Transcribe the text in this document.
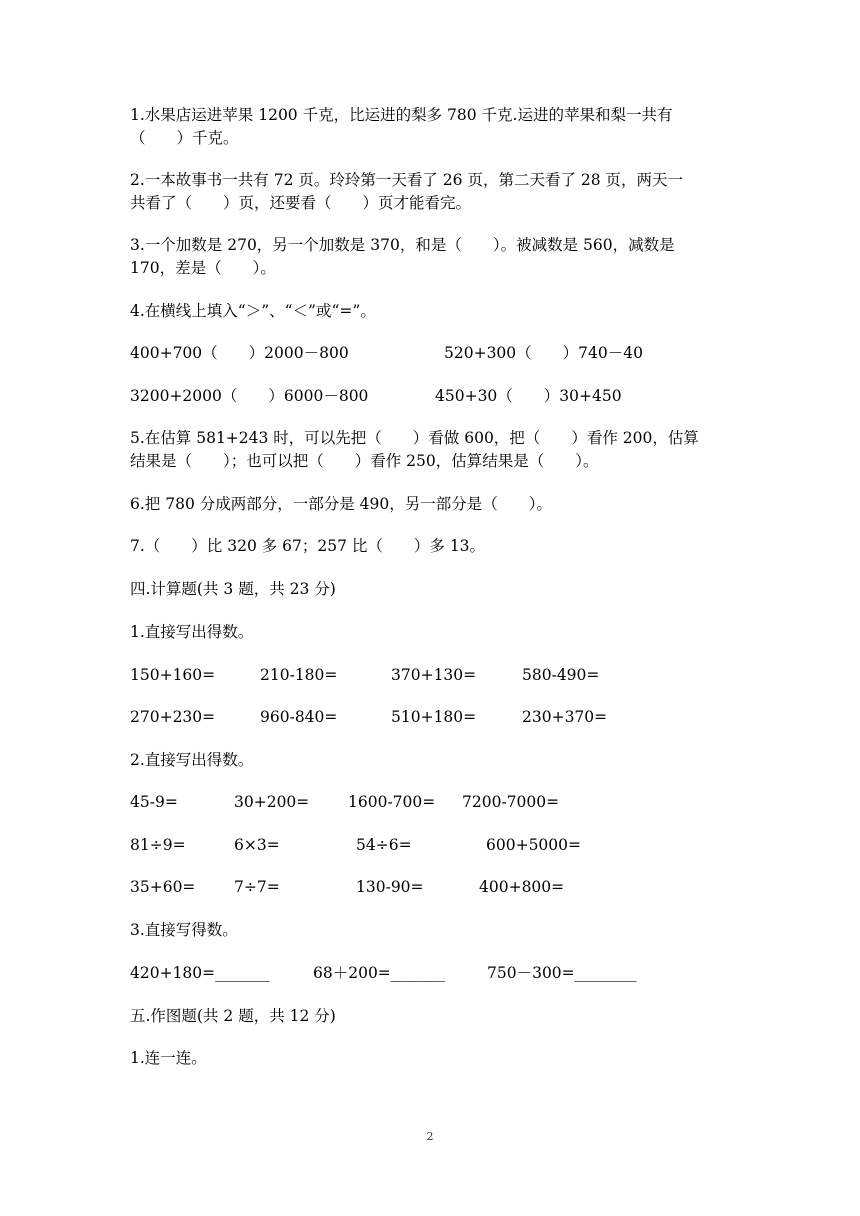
1.水果店运进苹果 1200 千克，比运进的梨多 780 千克.运进的苹果和梨一共有
（　　）千克。
2.一本故事书一共有 72 页。玲玲第一天看了 26 页，第二天看了 28 页，两天一
共看了（　　）页，还要看（　　）页才能看完。
3.一个加数是 270，另一个加数是 370，和是（　　）。被减数是 560，减数是
170，差是（　　）。
4.在横线上填入“＞”、“＜”或“=”。
400+700（　　）2000－800	520+300（　　）740－40
3200+2000（　　）6000－800	450+30（　　）30+450
5.在估算 581+243 时，可以先把（　　）看做 600，把（　　）看作 200，估算
结果是（　　）；也可以把（　　）看作 250，估算结果是（　　）。
6.把 780 分成两部分，一部分是 490，另一部分是（　　）。
7.（　　）比 320 多 67；257 比（　　）多 13。
四.计算题(共 3 题，共 23 分)
1.直接写出得数。
150+160=	210-180=	370+130=	580-490=
270+230=	960-840=	510+180=	230+370=
2.直接写出得数。
45-9=	30+200= 1600-700= 7200-7000=
81÷9=	6×3=	54÷6=	600+5000=
35+60= 7÷7=	130-90=	400+800=
3.直接写得数。
420+180=_______	68＋200=_______	750－300=________
五.作图题(共 2 题，共 12 分)
1.连一连。
2
